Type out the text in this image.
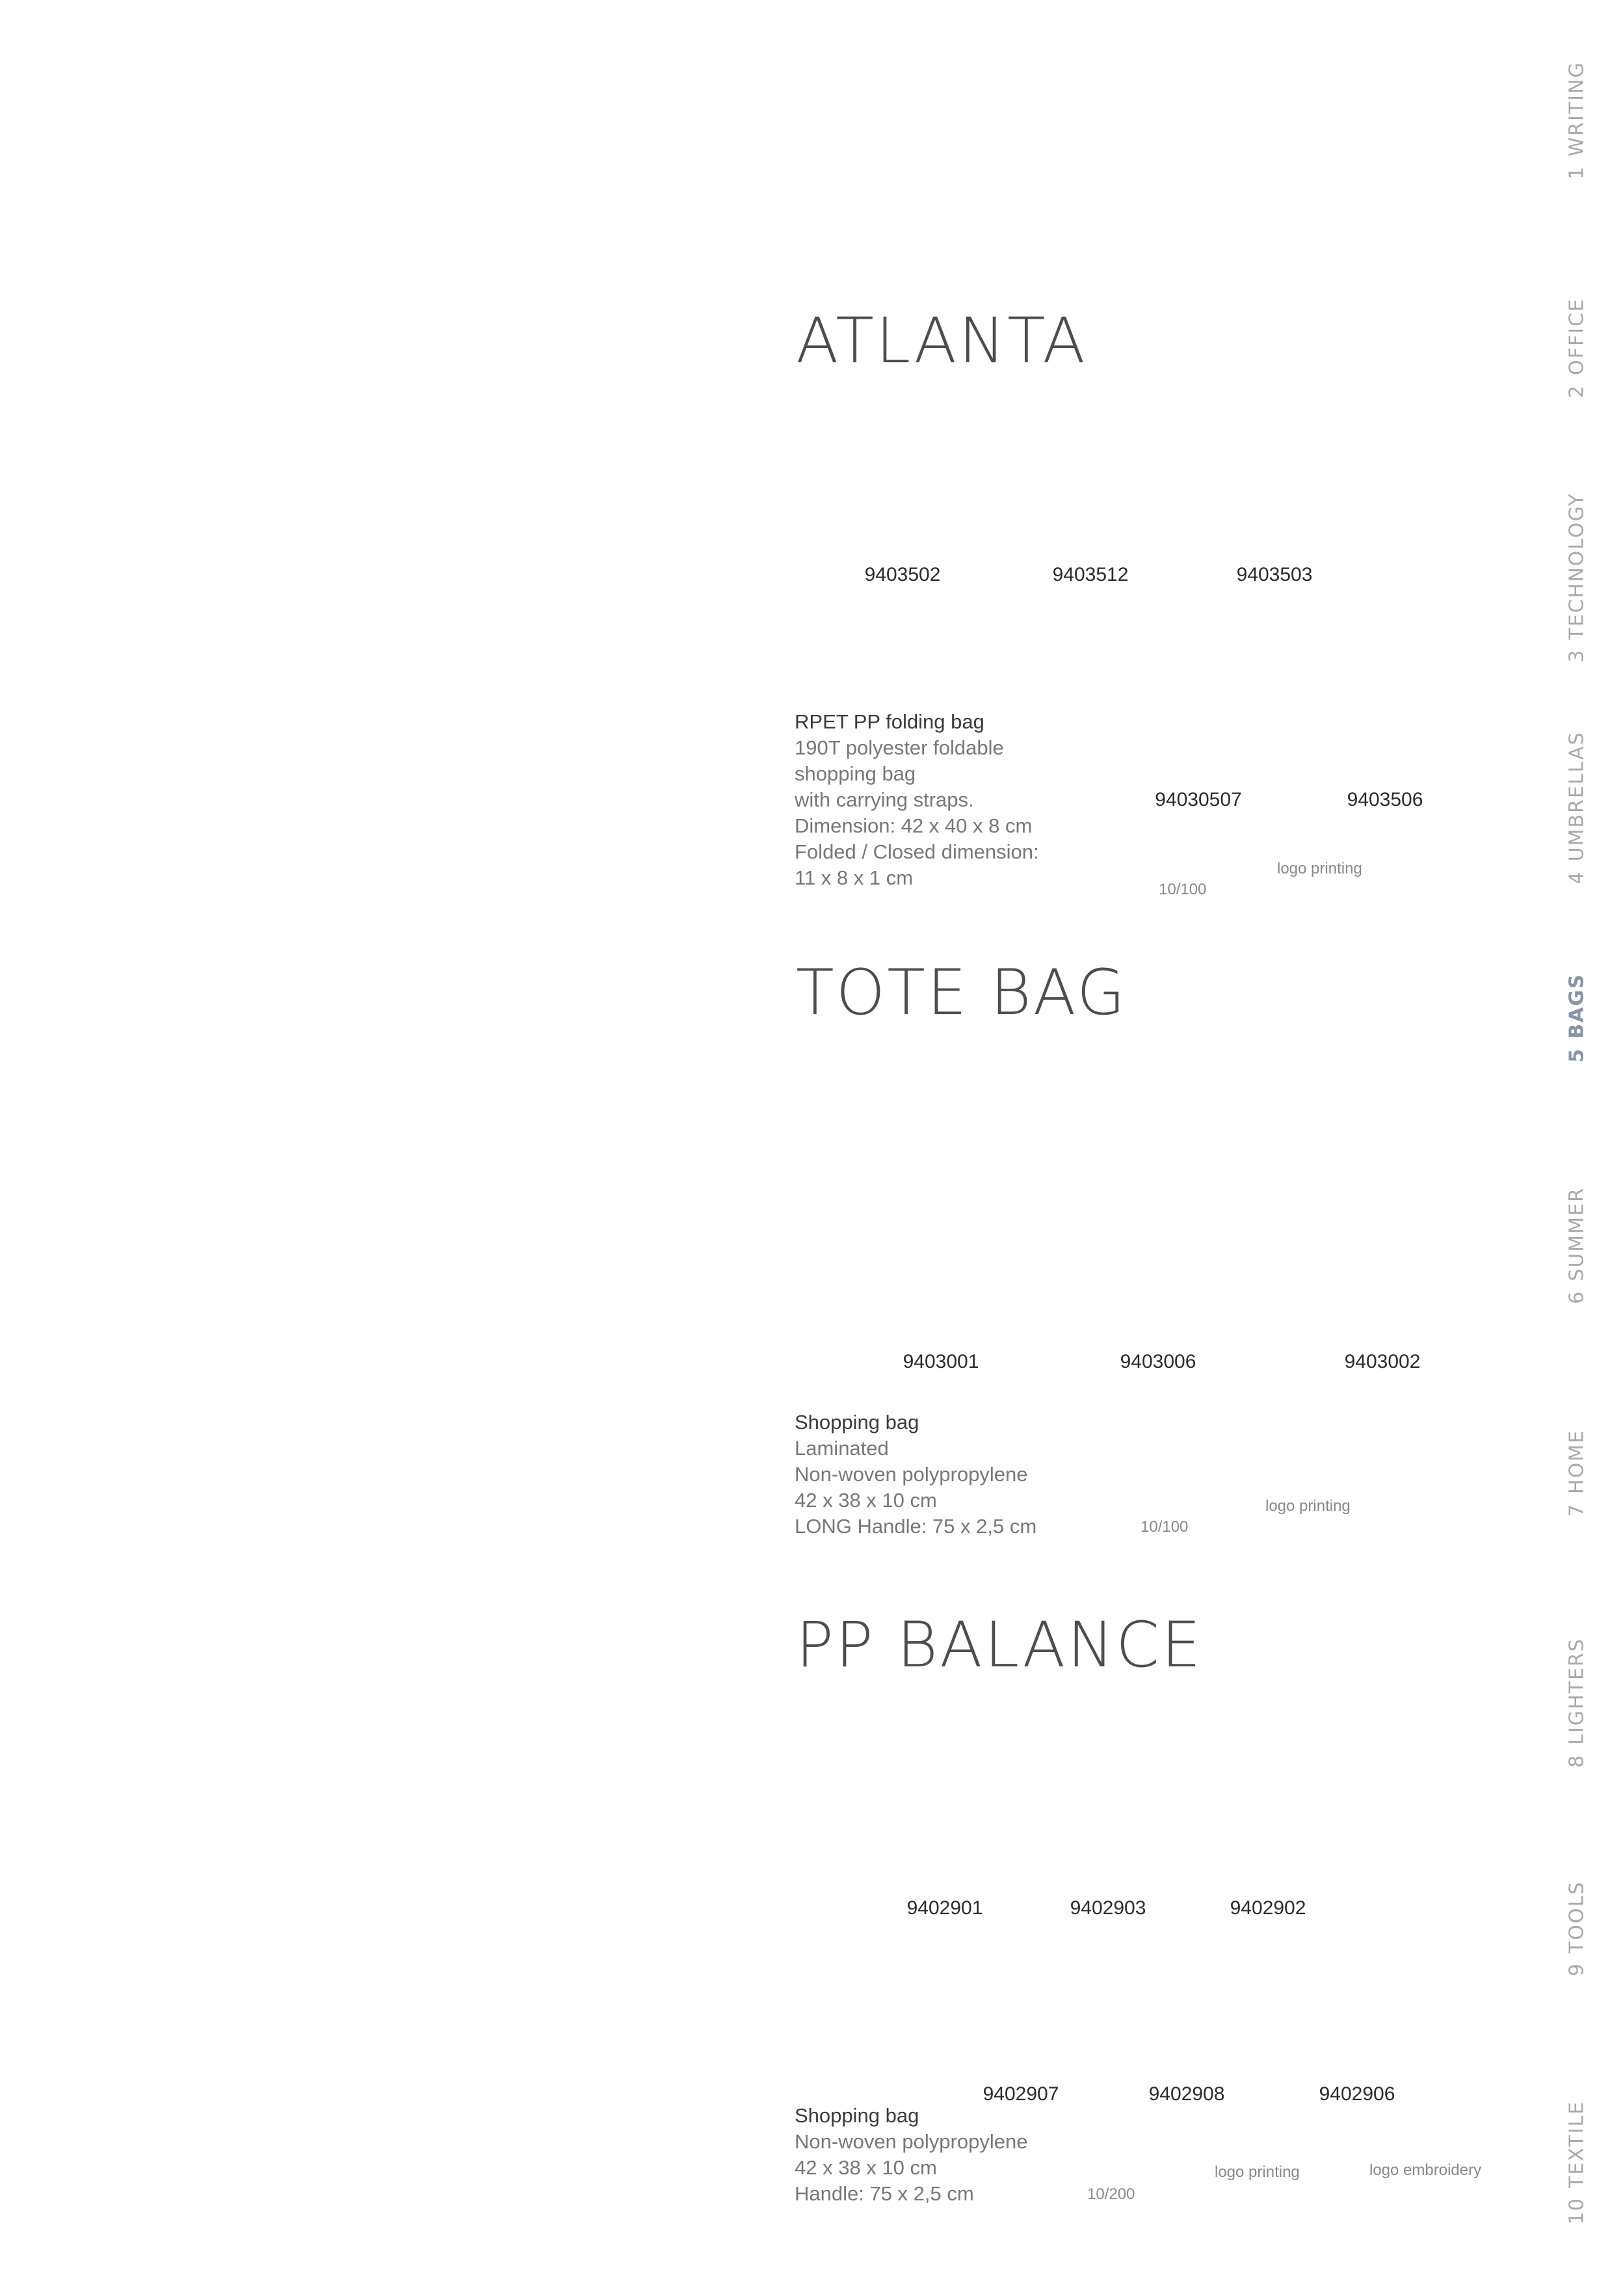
ATLANTA
9403502	9403512	9403503
RPET PP folding bag
190T polyester foldable
shopping bag
with carrying straps.
Dimension: 42 x 40 x 8 cm
Folded / Closed dimension:
11 x 8 x 1 cm
94030507	9403506
10/100
logo printing
TOTE BAG
9403001	9403006	9403002
Shopping bag
Laminated
Non-woven polypropylene
42 x 38 x 10 cm
LONG Handle: 75 x 2,5 cm	10/100
logo printing
PP BALANCE
9402901	9402903	9402902
9402907	9402908	9402906
Shopping bag
Non-woven polypropylene
42 x 38 x 10 cm
Handle: 75 x 2,5 cm	10/200
logo printing	logo embroidery
1WRITING
2OFFICE
3TECHNOLOGY
4UMBRELLAS
5BAGS
6SUMMER
7HOME
8LIGHTERS
9TOOLS
10TEXTILE
